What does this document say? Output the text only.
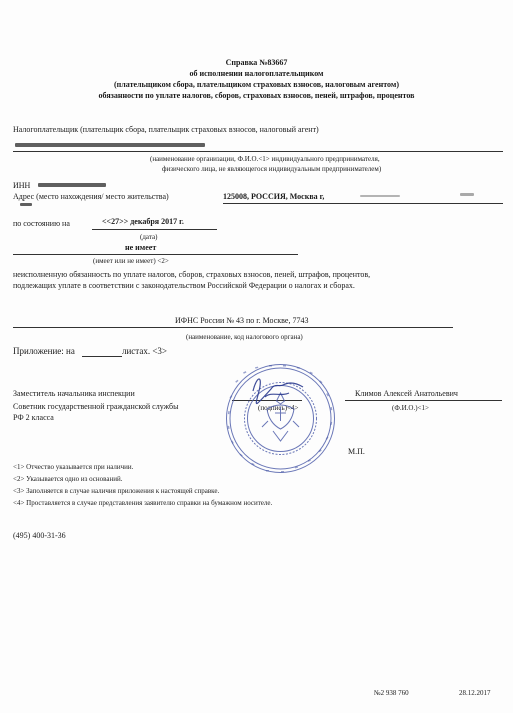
Справка №83667
об исполнении налогоплательщиком
(плательщиком сбора, плательщиком страховых взносов, налоговым агентом)
обязанности по уплате налогов, сборов, страховых взносов, пеней, штрафов, процентов
Налогоплательщик (плательщик сбора, плательщик страховых взносов, налоговый агент)
(наименование организации, Ф.И.О.<1> индивидуального предпринимателя,
физического лица, не являющегося индивидуальным предпринимателем)
ИНН
Адрес (место нахождения/ место жительства)	125008, РОССИЯ, Москва г,
по состоянию на	<<27>> декабря 2017 г.
(дата)
не имеет
(имеет или не имеет) <2>
неисполненную обязанность по уплате налогов, сборов, страховых взносов, пеней, штрафов, процентов,
подлежащих уплате в соответствии с законодательством Российской Федерации о налогах и сборах.
ИФНС России № 43 по г. Москве, 7743
(наименование, код налогового органа)
Приложение: на	листах. <3>
Заместитель начальника инспекции
Советник государственной гражданской службы
РФ 2 класса
Климов Алексей Анатольевич
(подпись)<4>	(Ф.И.О.)<1>
М.П.
<1> Отчество указывается при наличии.
<2> Указывается одно из оснований.
<3> Заполняется в случае наличия приложения к настоящей справке.
<4> Проставляется в случае представления заявителю справки на бумажном носителе.
(495) 400-31-36
№2 938 760	28.12.2017
